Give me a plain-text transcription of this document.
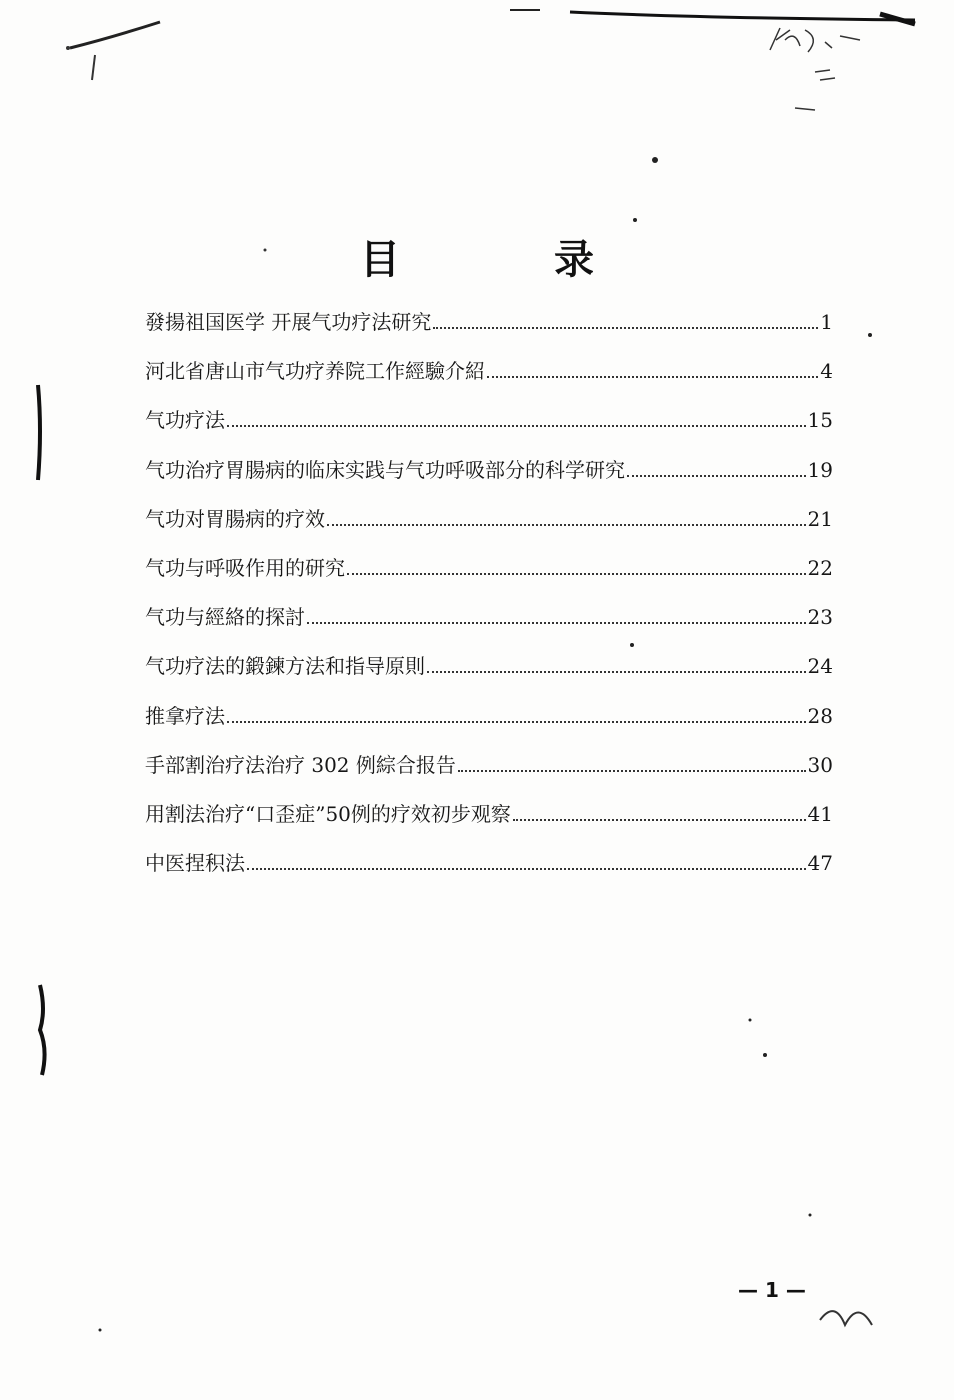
目 录
發揚祖国医学 开展气功疗法研究	1
河北省唐山市气功疗养院工作經驗介紹	4
气功疗法	15
气功治疗胃腸病的临床实践与气功呼吸部分的科学研究	19
气功对胃腸病的疗效	21
气功与呼吸作用的研究	22
气功与經絡的探討	23
气功疗法的鍛鍊方法和指导原則	24
推拿疗法	28
手部割治疗法治疗 302 例綜合报告	30
用割法治疗“口歪症”50例的疗效初步观察	41
中医捏积法	47
— 1 —
